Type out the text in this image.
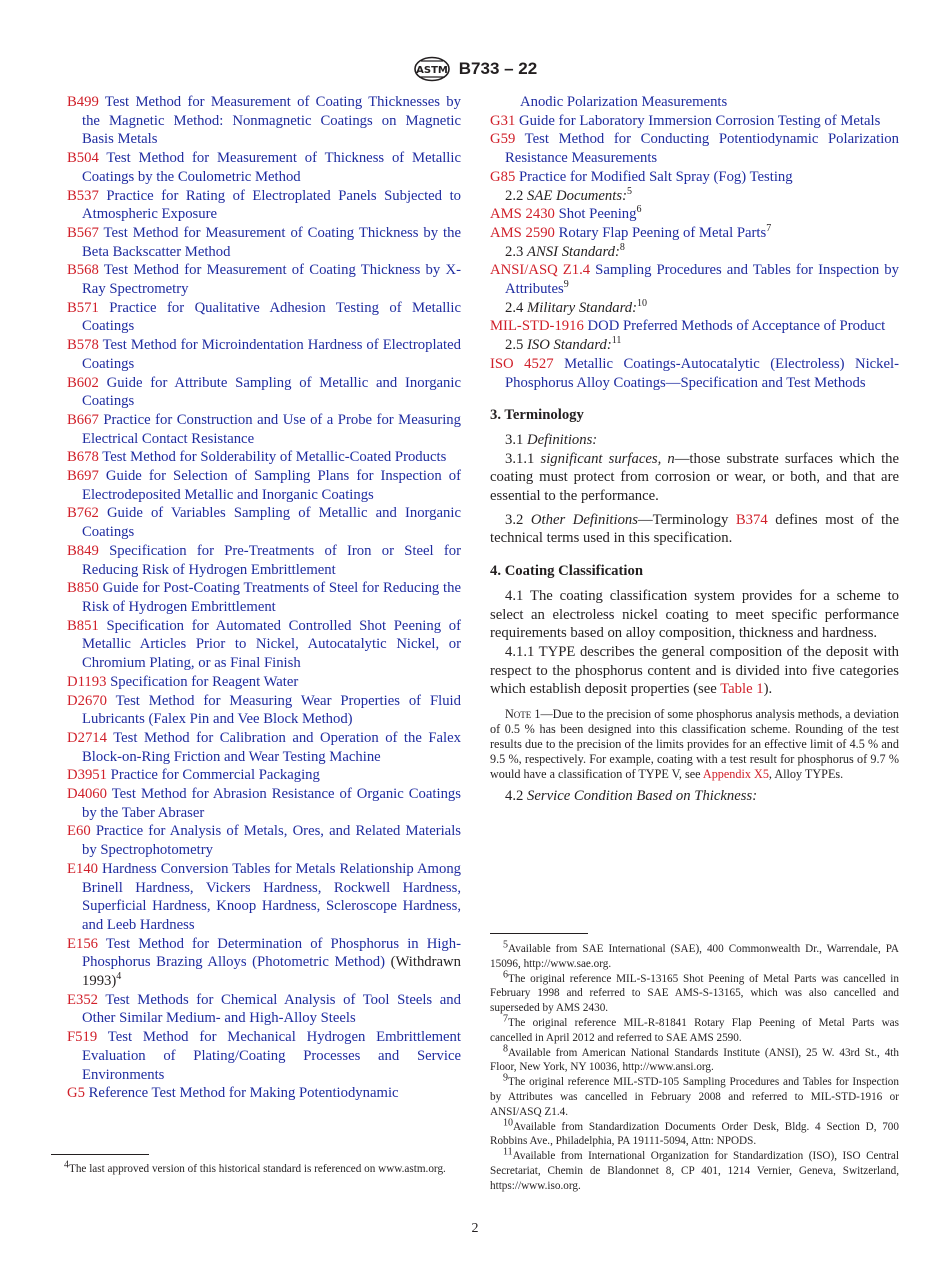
ASTM B733 – 22
B499 Test Method for Measurement of Coating Thicknesses by the Magnetic Method: Nonmagnetic Coatings on Magnetic Basis Metals
B504 Test Method for Measurement of Thickness of Metallic Coatings by the Coulometric Method
B537 Practice for Rating of Electroplated Panels Subjected to Atmospheric Exposure
B567 Test Method for Measurement of Coating Thickness by the Beta Backscatter Method
B568 Test Method for Measurement of Coating Thickness by X-Ray Spectrometry
B571 Practice for Qualitative Adhesion Testing of Metallic Coatings
B578 Test Method for Microindentation Hardness of Electroplated Coatings
B602 Guide for Attribute Sampling of Metallic and Inorganic Coatings
B667 Practice for Construction and Use of a Probe for Measuring Electrical Contact Resistance
B678 Test Method for Solderability of Metallic-Coated Products
B697 Guide for Selection of Sampling Plans for Inspection of Electrodeposited Metallic and Inorganic Coatings
B762 Guide of Variables Sampling of Metallic and Inorganic Coatings
B849 Specification for Pre-Treatments of Iron or Steel for Reducing Risk of Hydrogen Embrittlement
B850 Guide for Post-Coating Treatments of Steel for Reducing the Risk of Hydrogen Embrittlement
B851 Specification for Automated Controlled Shot Peening of Metallic Articles Prior to Nickel, Autocatalytic Nickel, or Chromium Plating, or as Final Finish
D1193 Specification for Reagent Water
D2670 Test Method for Measuring Wear Properties of Fluid Lubricants (Falex Pin and Vee Block Method)
D2714 Test Method for Calibration and Operation of the Falex Block-on-Ring Friction and Wear Testing Machine
D3951 Practice for Commercial Packaging
D4060 Test Method for Abrasion Resistance of Organic Coatings by the Taber Abraser
E60 Practice for Analysis of Metals, Ores, and Related Materials by Spectrophotometry
E140 Hardness Conversion Tables for Metals Relationship Among Brinell Hardness, Vickers Hardness, Rockwell Hardness, Superficial Hardness, Knoop Hardness, Scleroscope Hardness, and Leeb Hardness
E156 Test Method for Determination of Phosphorus in High-Phosphorus Brazing Alloys (Photometric Method) (Withdrawn 1993)$^4$
E352 Test Methods for Chemical Analysis of Tool Steels and Other Similar Medium- and High-Alloy Steels
F519 Test Method for Mechanical Hydrogen Embrittlement Evaluation of Plating/Coating Processes and Service Environments
G5 Reference Test Method for Making Potentiodynamic
Anodic Polarization Measurements
G31 Guide for Laboratory Immersion Corrosion Testing of Metals
G59 Test Method for Conducting Potentiodynamic Polarization Resistance Measurements
G85 Practice for Modified Salt Spray (Fog) Testing
2.2 SAE Documents:$^5$
AMS 2430 Shot Peening$^6$
AMS 2590 Rotary Flap Peening of Metal Parts$^7$
2.3 ANSI Standard:$^8$
ANSI/ASQ Z1.4 Sampling Procedures and Tables for Inspection by Attributes$^9$
2.4 Military Standard:$^{10}$
MIL-STD-1916 DOD Preferred Methods of Acceptance of Product
2.5 ISO Standard:$^{11}$
ISO 4527 Metallic Coatings-Autocatalytic (Electroless) Nickel-Phosphorus Alloy Coatings—Specification and Test Methods
3. Terminology
3.1 Definitions:
3.1.1 significant surfaces, n—those substrate surfaces which the coating must protect from corrosion or wear, or both, and that are essential to the performance.
3.2 Other Definitions—Terminology B374 defines most of the technical terms used in this specification.
4. Coating Classification
4.1 The coating classification system provides for a scheme to select an electroless nickel coating to meet specific performance requirements based on alloy composition, thickness and hardness.
4.1.1 TYPE describes the general composition of the deposit with respect to the phosphorus content and is divided into five categories which establish deposit properties (see Table 1).
Note 1—Due to the precision of some phosphorus analysis methods, a deviation of 0.5 % has been designed into this classification scheme. Rounding of the test results due to the precision of the limits provides for an effective limit of 4.5 % and 9.5 %, respectively. For example, coating with a test result for phosphorus of 9.7 % would have a classification of TYPE V, see Appendix X5, Alloy TYPEs.
4.2 Service Condition Based on Thickness:

$^4$The last approved version of this historical standard is referenced on www.astm.org.

$^5$Available from SAE International (SAE), 400 Commonwealth Dr., Warrendale, PA 15096, http://www.sae.org.

$^6$The original reference MIL-S-13165 Shot Peening of Metal Parts was cancelled in February 1998 and referred to SAE AMS-S-13165, which was also cancelled and superseded by AMS 2430.

$^7$The original reference MIL-R-81841 Rotary Flap Peening of Metal Parts was cancelled in April 2012 and referred to SAE AMS 2590.

$^8$Available from American National Standards Institute (ANSI), 25 W. 43rd St., 4th Floor, New York, NY 10036, http://www.ansi.org.

$^9$The original reference MIL-STD-105 Sampling Procedures and Tables for Inspection by Attributes was cancelled in February 2008 and referred to MIL-STD-1916 or ANSI/ASQ Z1.4.

$^{10}$Available from Standardization Documents Order Desk, Bldg. 4 Section D, 700 Robbins Ave., Philadelphia, PA 19111-5094, Attn: NPODS.

$^{11}$Available from International Organization for Standardization (ISO), ISO Central Secretariat, Chemin de Blandonnet 8, CP 401, 1214 Vernier, Geneva, Switzerland, https://www.iso.org.

2
